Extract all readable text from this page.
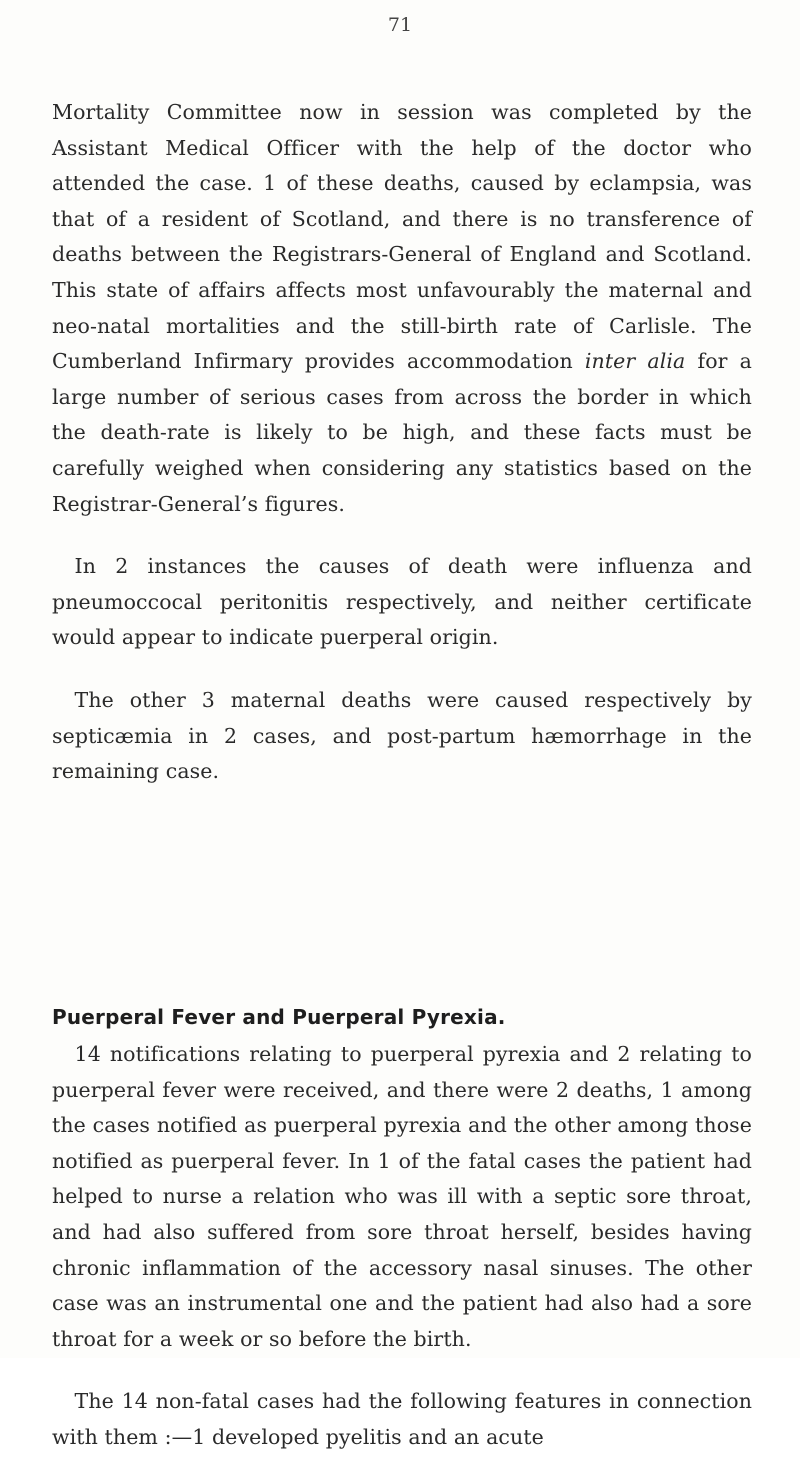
71

Mortality Committee now in session was completed by the Assistant Medical Officer with the help of the doctor who attended the case. 1 of these deaths, caused by eclampsia, was that of a resident of Scotland, and there is no transference of deaths between the Registrars-General of England and Scotland. This state of affairs affects most unfavourably the maternal and neo-natal mortalities and the still-birth rate of Carlisle. The Cumberland Infirmary provides accommodation inter alia for a large number of serious cases from across the border in which the death-rate is likely to be high, and these facts must be carefully weighed when considering any statistics based on the Registrar-General’s figures.

In 2 instances the causes of death were influenza and pneumoccocal peritonitis respectively, and neither certificate would appear to indicate puerperal origin.

The other 3 maternal deaths were caused respectively by septicæmia in 2 cases, and post-partum hæmorrhage in the remaining case.

Puerperal Fever and Puerperal Pyrexia.

14 notifications relating to puerperal pyrexia and 2 relating to puerperal fever were received, and there were 2 deaths, 1 among the cases notified as puerperal pyrexia and the other among those notified as puerperal fever. In 1 of the fatal cases the patient had helped to nurse a relation who was ill with a septic sore throat, and had also suffered from sore throat herself, besides having chronic inflammation of the accessory nasal sinuses. The other case was an instrumental one and the patient had also had a sore throat for a week or so before the birth.

The 14 non-fatal cases had the following features in connection with them :—1 developed pyelitis and an acute
